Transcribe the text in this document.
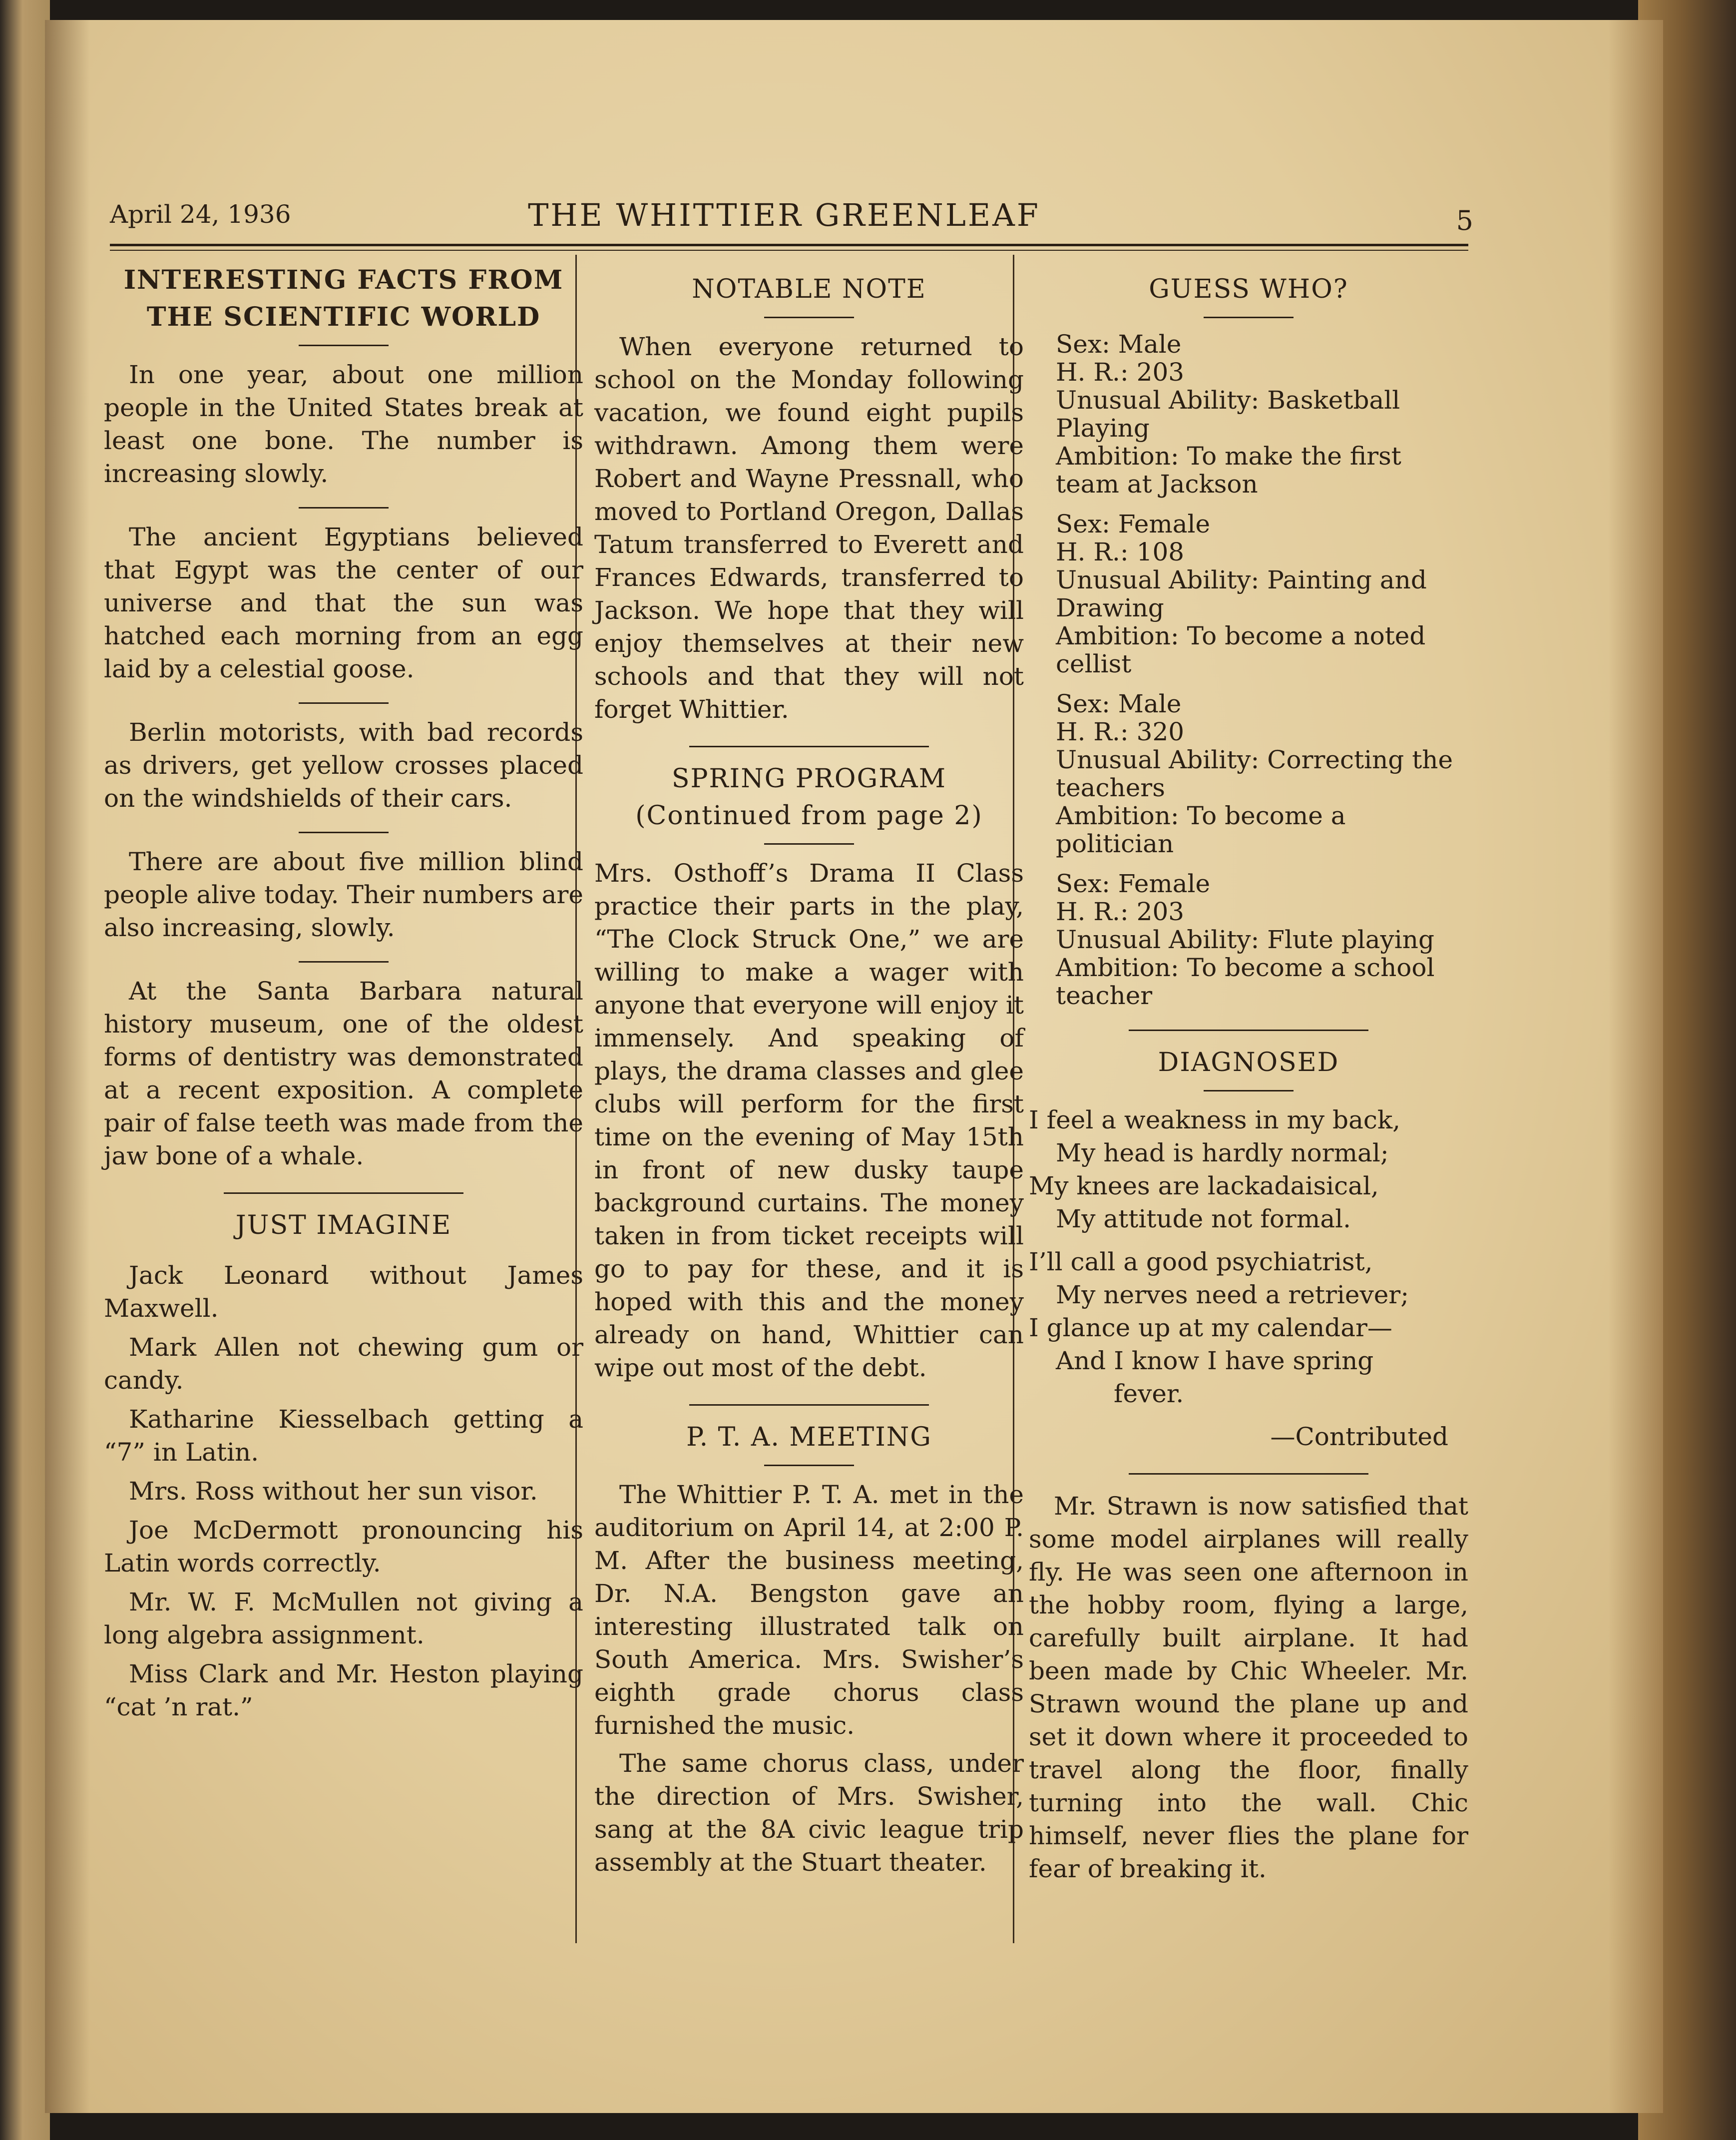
April 24, 1936	THE WHITTIER GREENLEAF	5
INTERESTING FACTS FROM
THE SCIENTIFIC WORLD

In one year, about one million people in the United States break at least one bone. The number is increasing slowly.

The ancient Egyptians believed that Egypt was the center of our universe and that the sun was hatched each morning from an egg laid by a celestial goose.

Berlin motorists, with bad records as drivers, get yellow crosses placed on the windshields of their cars.

There are about five million blind people alive today. Their numbers are also increasing, slowly.

At the Santa Barbara natural history museum, one of the oldest forms of dentistry was demonstrated at a recent exposition. A complete pair of false teeth was made from the jaw bone of a whale.

JUST IMAGINE

Jack Leonard without James Maxwell.

Mark Allen not chewing gum or candy.

Katharine Kiesselbach getting a “7” in Latin.

Mrs. Ross without her sun visor.

Joe McDermott pronouncing his Latin words correctly.

Mr. W. F. McMullen not giving a long algebra assignment.

Miss Clark and Mr. Heston playing “cat ’n rat.”

NOTABLE NOTE

When everyone returned to school on the Monday following vacation, we found eight pupils withdrawn. Among them were Robert and Wayne Pressnall, who moved to Portland Oregon, Dallas Tatum transferred to Everett and Frances Edwards, transferred to Jackson. We hope that they will enjoy themselves at their new schools and that they will not forget Whittier.

SPRING PROGRAM
(Continued from page 2)

Mrs. Osthoff’s Drama II Class practice their parts in the play, “The Clock Struck One,” we are willing to make a wager with anyone that everyone will enjoy it immensely. And speaking of plays, the drama classes and glee clubs will perform for the first time on the evening of May 15th in front of new dusky taupe background curtains. The money taken in from ticket receipts will go to pay for these, and it is hoped with this and the money already on hand, Whittier can wipe out most of the debt.

P. T. A. MEETING

The Whittier P. T. A. met in the auditorium on April 14, at 2:00 P. M. After the business meeting, Dr. N.A. Bengston gave an interesting illustrated talk on South America. Mrs. Swisher’s eighth grade chorus class furnished the music.

The same chorus class, under the direction of Mrs. Swisher, sang at the 8A civic league trip assembly at the Stuart theater.

GUESS WHO?
Sex: Male
H. R.: 203
Unusual Ability: Basketball Playing
Ambition: To make the first team at Jackson
Sex: Female
H. R.: 108
Unusual Ability: Painting and Drawing
Ambition: To become a noted cellist
Sex: Male
H. R.: 320
Unusual Ability: Correcting the teachers
Ambition: To become a politician
Sex: Female
H. R.: 203
Unusual Ability: Flute playing
Ambition: To become a school teacher
DIAGNOSED
I feel a weakness in my back,
My head is hardly normal;
My knees are lackadaisical,
My attitude not formal.
I’ll call a good psychiatrist,
My nerves need a retriever;
I glance up at my calendar—
And I know I have spring
fever.
—Contributed

Mr. Strawn is now satisfied that some model airplanes will really fly. He was seen one afternoon in the hobby room, flying a large, carefully built airplane. It had been made by Chic Wheeler. Mr. Strawn wound the plane up and set it down where it proceeded to travel along the floor, finally turning into the wall. Chic himself, never flies the plane for fear of breaking it.
